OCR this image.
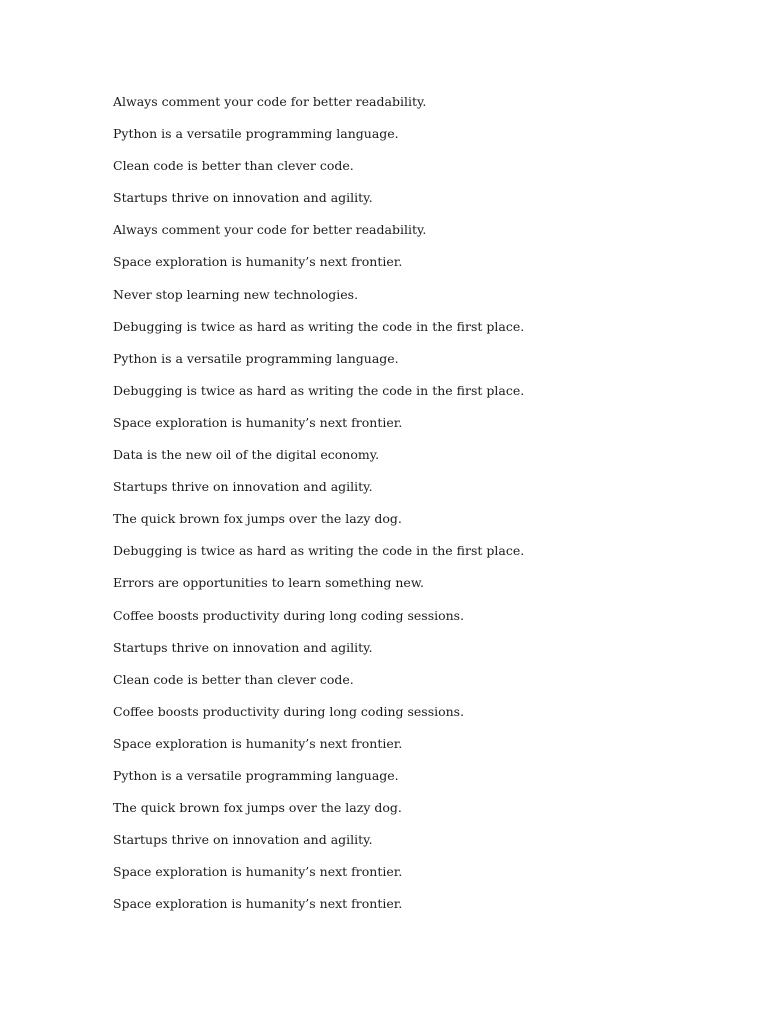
Always comment your code for better readability.
Python is a versatile programming language.
Clean code is better than clever code.
Startups thrive on innovation and agility.
Always comment your code for better readability.
Space exploration is humanity’s next frontier.
Never stop learning new technologies.
Debugging is twice as hard as writing the code in the first place.
Python is a versatile programming language.
Debugging is twice as hard as writing the code in the first place.
Space exploration is humanity’s next frontier.
Data is the new oil of the digital economy.
Startups thrive on innovation and agility.
The quick brown fox jumps over the lazy dog.
Debugging is twice as hard as writing the code in the first place.
Errors are opportunities to learn something new.
Coffee boosts productivity during long coding sessions.
Startups thrive on innovation and agility.
Clean code is better than clever code.
Coffee boosts productivity during long coding sessions.
Space exploration is humanity’s next frontier.
Python is a versatile programming language.
The quick brown fox jumps over the lazy dog.
Startups thrive on innovation and agility.
Space exploration is humanity’s next frontier.
Space exploration is humanity’s next frontier.
